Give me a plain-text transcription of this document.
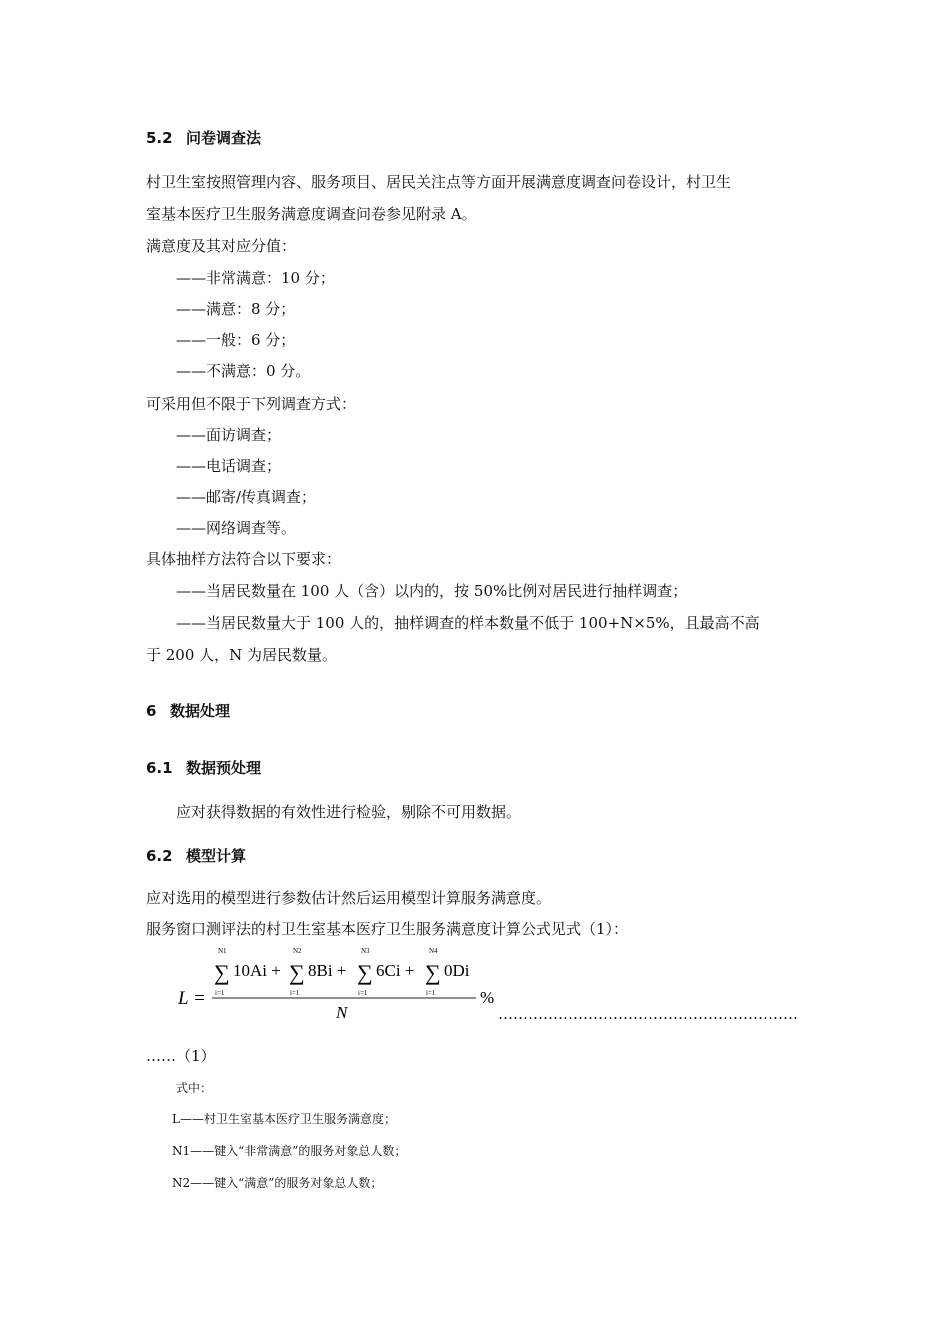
5.2 问卷调查法
村卫生室按照管理内容、服务项目、居民关注点等方面开展满意度调查问卷设计，村卫生
室基本医疗卫生服务满意度调查问卷参见附录 A。
满意度及其对应分值：
——非常满意：10 分；
——满意：8 分；
——一般：6 分；
——不满意：0 分。
可采用但不限于下列调查方式：
——面访调查；
——电话调查；
——邮寄/传真调查；
——网络调查等。
具体抽样方法符合以下要求：
——当居民数量在 100 人（含）以内的，按 50%比例对居民进行抽样调查；
——当居民数量大于 100 人的，抽样调查的样本数量不低于 100+N×5%，且最高不高
于 200 人，N 为居民数量。
6 数据处理
6.1 数据预处理
应对获得数据的有效性进行检验，剔除不可用数据。
6.2 模型计算
应对选用的模型进行参数估计然后运用模型计算服务满意度。
服务窗口测评法的村卫生室基本医疗卫生服务满意度计算公式见式（1）：
L =
N1
∑
i=1
10Ai +
N2
∑
i=1
8Bi +
N3
∑
i=1
6Ci +
N4
∑
i=1
0Di
N
%
……………………………………………………
……（1）
式中：
L——村卫生室基本医疗卫生服务满意度；
N1——键入“非常满意”的服务对象总人数；
N2——键入“满意”的服务对象总人数；
